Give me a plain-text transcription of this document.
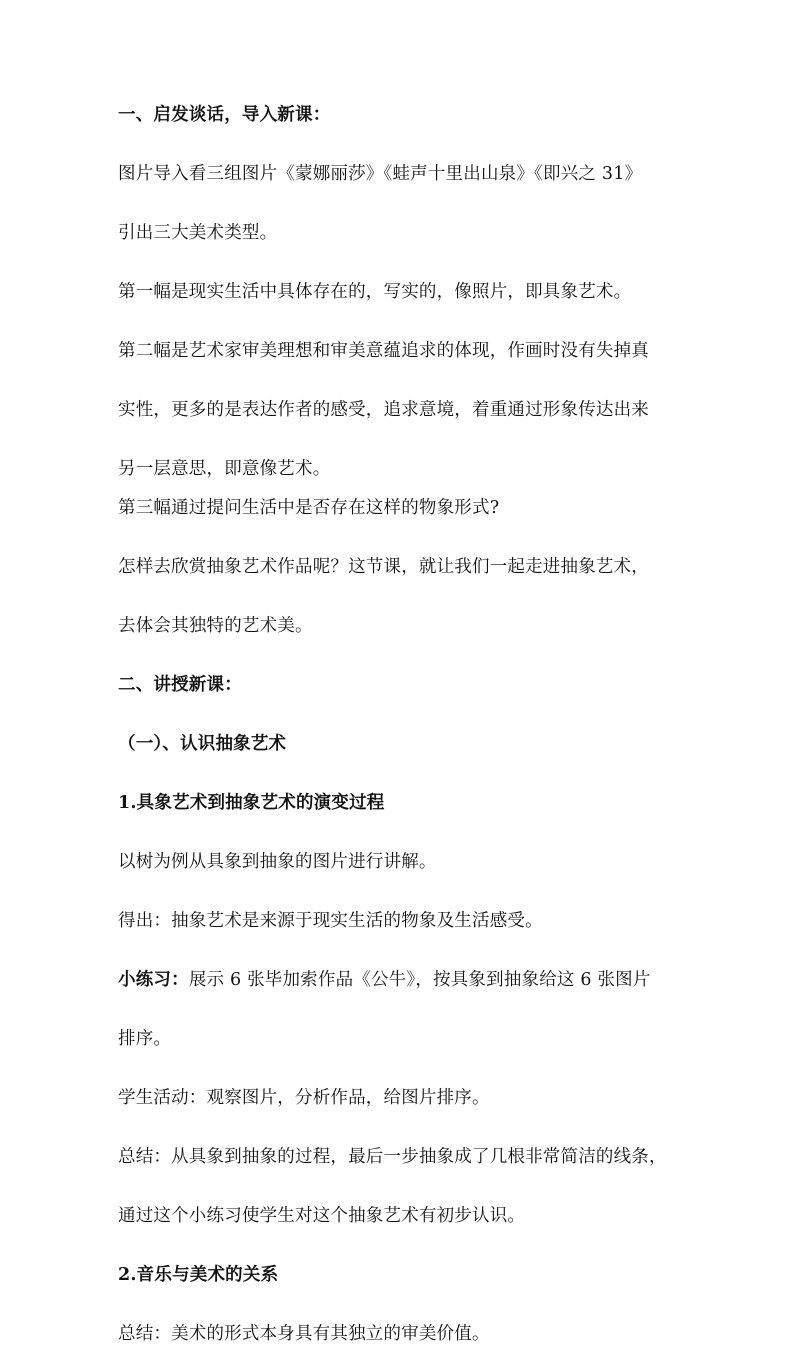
一、启发谈话，导入新课：

图片导入看三组图片《蒙娜丽莎》《蛙声十里出山泉》《即兴之 31》

引出三大美术类型。

第一幅是现实生活中具体存在的，写实的，像照片，即具象艺术。

第二幅是艺术家审美理想和审美意蕴追求的体现，作画时没有失掉真

实性，更多的是表达作者的感受，追求意境，着重通过形象传达出来

另一层意思，即意像艺术。

第三幅通过提问生活中是否存在这样的物象形式?

怎样去欣赏抽象艺术作品呢？这节课，就让我们一起走进抽象艺术，

去体会其独特的艺术美。

二、讲授新课：

（一）、认识抽象艺术

1.具象艺术到抽象艺术的演变过程

以树为例从具象到抽象的图片进行讲解。

得出：抽象艺术是来源于现实生活的物象及生活感受。

小练习：展示 6 张毕加索作品《公牛》，按具象到抽象给这 6 张图片

排序。

学生活动：观察图片，分析作品，给图片排序。

总结：从具象到抽象的过程，最后一步抽象成了几根非常简洁的线条，

通过这个小练习使学生对这个抽象艺术有初步认识。

2.音乐与美术的关系

总结：美术的形式本身具有其独立的审美价值。
